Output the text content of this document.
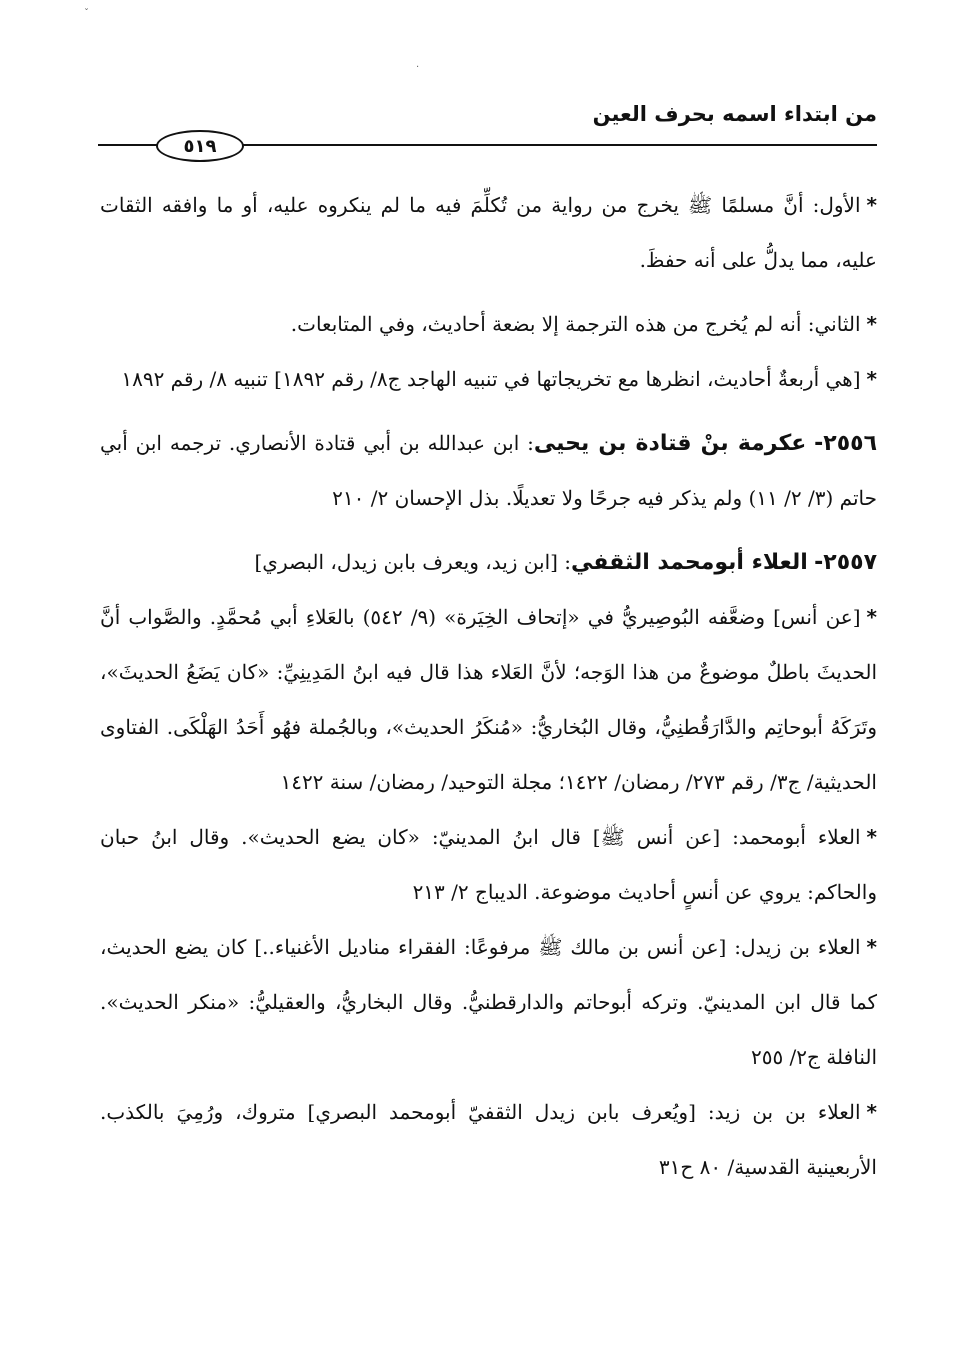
ˇ
·
من ابتداء اسمه بحرف العين
٥١٩

*الأول: أنَّ مسلمًا ﷺ يخرج من رواية من تُكلِّمَ فيه ما لم ينكروه عليه، أو ما وافقه الثقات عليه، مما يدلُّ على أنه حفظَ.

*الثاني: أنه لم يُخرج من هذه الترجمة إلا بضعة أحاديث، وفي المتابعات.

*[هي أربعةٌ أحاديث، انظرها مع تخريجاتها في تنبيه الهاجد ج٨/ رقم ١٨٩٢] تنبيه ٨/ رقم ١٨٩٢

٢٥٥٦- عكرمة بنْ قتادة بن يحيى: ابن عبدالله بن أبي قتادة الأنصاري. ترجمه ابن أبي حاتم (٣/ ٢/ ١١) ولم يذكر فيه جرحًا ولا تعديلًا. بذل الإحسان ٢/ ٢١٠

٢٥٥٧- العلاء أبومحمد الثقفي: [ابن زيد، ويعرف بابن زيدل، البصري]

*[عن أنس] وضعَّفه البُوصِيريُّ في «إتحاف الخِيَرة» (٩/ ٥٤٢) بالعَلاءِ أبي مُحمَّدٍ. والصَّواب أنَّ الحديثَ باطلٌ موضوعٌ من هذا الوَجه؛ لأنَّ العَلاء هذا قال فيه ابنُ المَدِينِيِّ: «كان يَضَعُ الحديثَ»، وتَرَكَهُ أبوحاتِم والدَّارَقُطنِيُّ، وقال البُخاريُّ: «مُنكَرُ الحديث»، وبالجُملة فهُو أَحَدُ الهَلْكَى. الفتاوى الحديثية/ ج٣/ رقم ٢٧٣/ رمضان/ ١٤٢٢؛ مجلة التوحيد/ رمضان/ سنة ١٤٢٢

*العلاء أبومحمد: [عن أنس ﷺ] قال ابنُ المدينيّ: «كان يضع الحديث». وقال ابنُ حبان والحاكم: يروي عن أنسٍ أحاديث موضوعة. الديباج ٢/ ٢١٣

*العلاء بن زيدل: [عن أنس بن مالك ﷺ مرفوعًا: الفقراء مناديل الأغنياء..] كان يضع الحديث، كما قال ابن المدينيّ. وتركه أبوحاتم والدارقطنيُّ. وقال البخاريُّ، والعقيليُّ: «منكر الحديث». النافلة ج٢/ ٢٥٥

*العلاء بن بن زيد: [ويُعرف بابن زيدل الثقفيّ أبومحمد البصري] متروك، ورُمِيَ بالكذب. الأربعينية القدسية/ ٨٠ ح٣١
